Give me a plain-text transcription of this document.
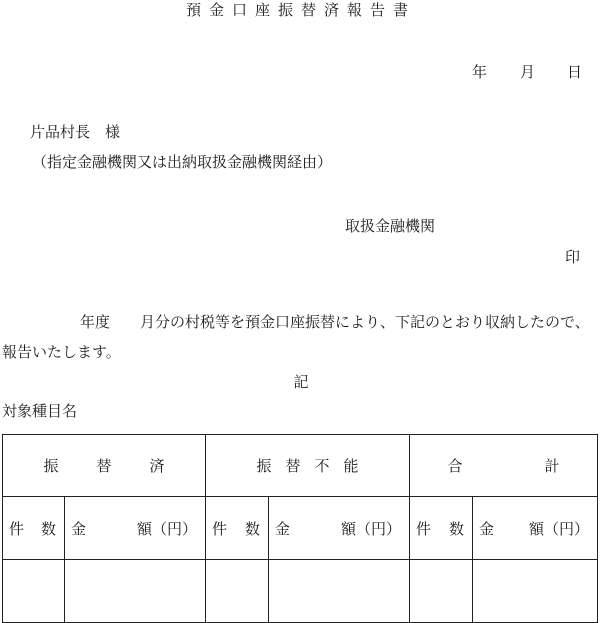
預金口座振替済報告書
年 月 日
片品村長　様
（指定金融機関又は出納取扱金融機関経由）
取扱金融機関
印
年度 月分の村税等を預金口座振替により、下記のとおり収納したので、
報告いたします。
記
対象種目名
振 替 済		振 替 不 能		合 計	

件 数	金 額（円）	件 数	金 額（円）	件 数	金 額（円）
